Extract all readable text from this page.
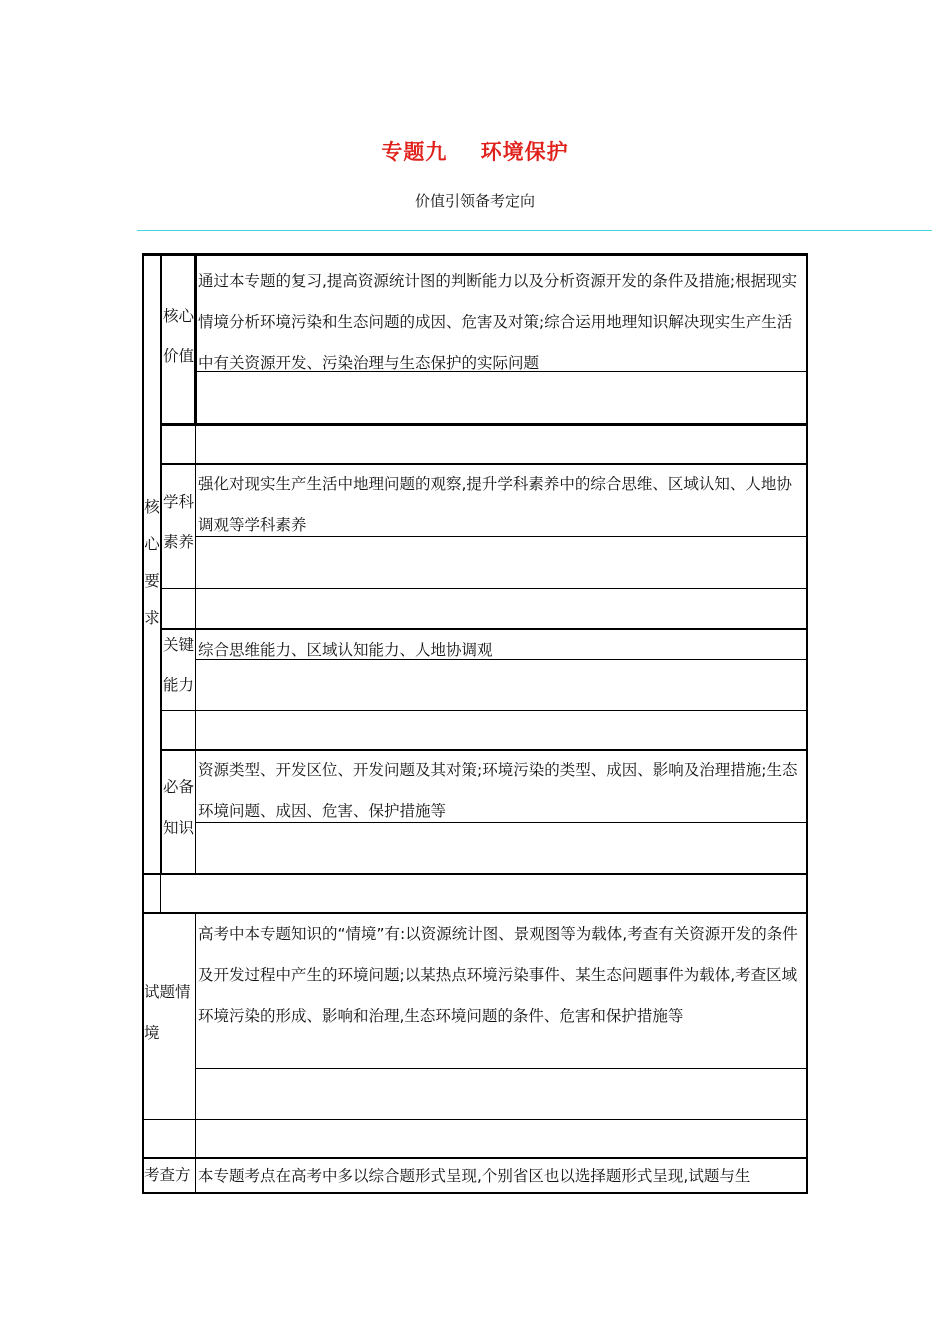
专题九    环境保护
价值引领备考定向
核
心
要
求
核心
价值
通过本专题的复习,提高资源统计图的判断能力以及分析资源开发的条件及措施;根据现实情境分析环境污染和生态问题的成因、危害及对策;综合运用地理知识解决现实生产生活中有关资源开发、污染治理与生态保护的实际问题
学科
素养
强化对现实生产生活中地理问题的观察,提升学科素养中的综合思维、区域认知、人地协调观等学科素养
关键
能力
综合思维能力、区域认知能力、人地协调观
必备
知识
资源类型、开发区位、开发问题及其对策;环境污染的类型、成因、影响及治理措施;生态环境问题、成因、危害、保护措施等
试题情
境
高考中本专题知识的“情境”有:以资源统计图、景观图等为载体,考查有关资源开发的条件及开发过程中产生的环境问题;以某热点环境污染事件、某生态问题事件为载体,考查区域环境污染的形成、影响和治理,生态环境问题的条件、危害和保护措施等
考查方 本专题考点在高考中多以综合题形式呈现,个别省区也以选择题形式呈现,试题与生
